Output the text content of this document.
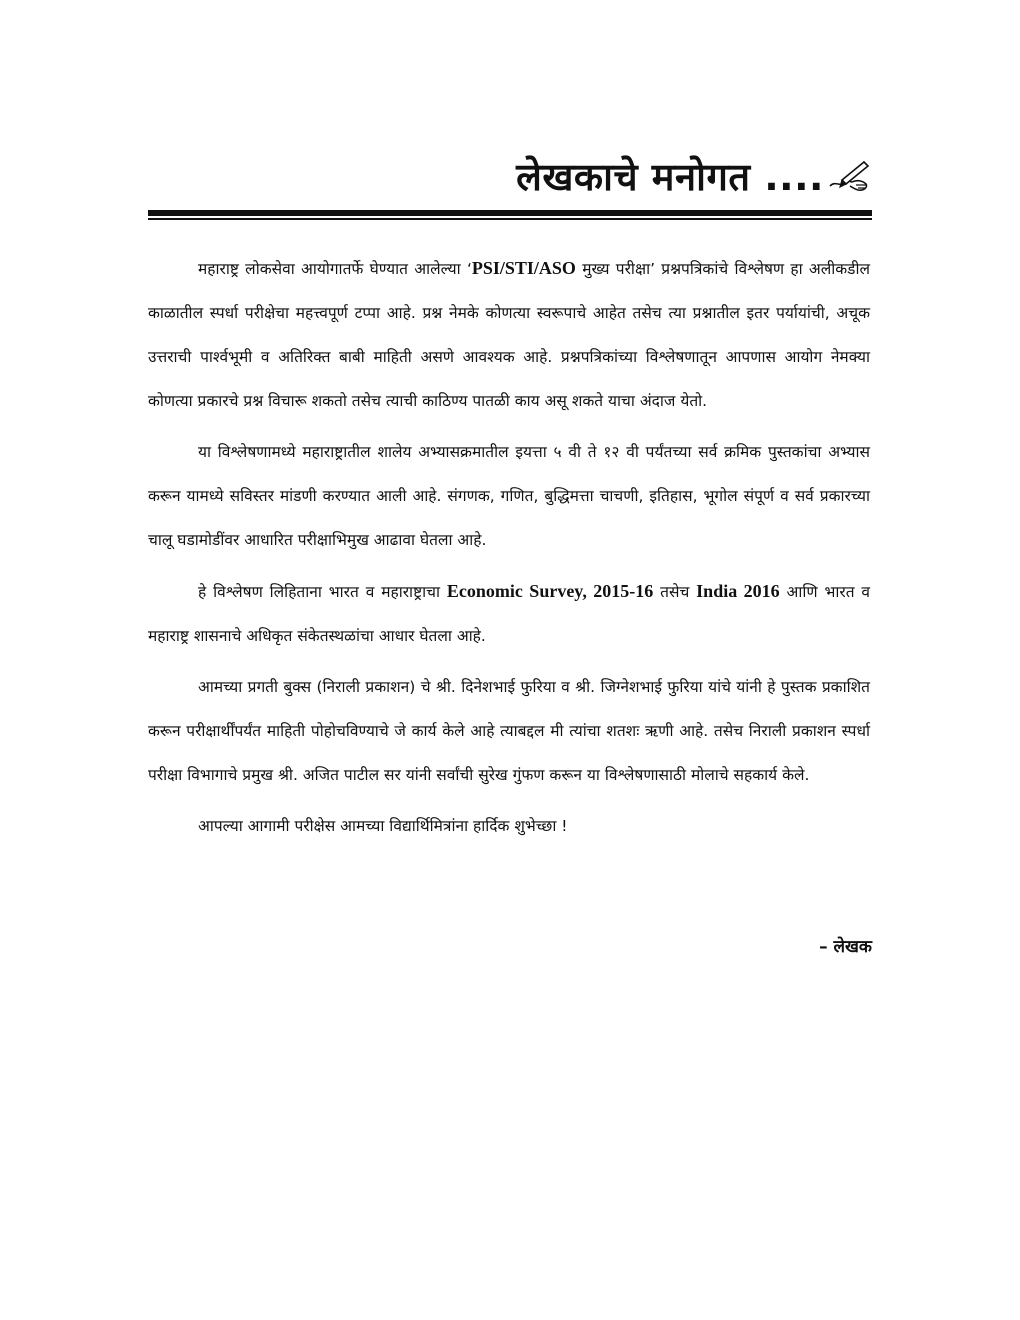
लेखकाचे मनोगत ....

महाराष्ट्र लोकसेवा आयोगातर्फे घेण्यात आलेल्या ‘PSI/STI/ASO मुख्य परीक्षा’ प्रश्नपत्रिकांचे विश्लेषण हा अलीकडील काळातील स्पर्धा परीक्षेचा महत्त्वपूर्ण टप्पा आहे. प्रश्न नेमके कोणत्या स्वरूपाचे आहेत तसेच त्या प्रश्नातील इतर पर्यायांची, अचूक उत्तराची पार्श्वभूमी व अतिरिक्त बाबी माहिती असणे आवश्यक आहे. प्रश्नपत्रिकांच्या विश्लेषणातून आपणास आयोग नेमक्या कोणत्या प्रकारचे प्रश्न विचारू शकतो तसेच त्याची काठिण्य पातळी काय असू शकते याचा अंदाज येतो.

या विश्लेषणामध्ये महाराष्ट्रातील शालेय अभ्यासक्रमातील इयत्ता ५ वी ते १२ वी पर्यंतच्या सर्व क्रमिक पुस्तकांचा अभ्यास करून यामध्ये सविस्तर मांडणी करण्यात आली आहे. संगणक, गणित, बुद्धिमत्ता चाचणी, इतिहास, भूगोल संपूर्ण व सर्व प्रकारच्या चालू घडामोडींवर आधारित परीक्षाभिमुख आढावा घेतला आहे.

हे विश्लेषण लिहिताना भारत व महाराष्ट्राचा Economic Survey, 2015-16 तसेच India 2016 आणि भारत व महाराष्ट्र शासनाचे अधिकृत संकेतस्थळांचा आधार घेतला आहे.

आमच्या प्रगती बुक्स (निराली प्रकाशन) चे श्री. दिनेशभाई फुरिया व श्री. जिग्नेशभाई फुरिया यांचे यांनी हे पुस्तक प्रकाशित करून परीक्षार्थींपर्यंत माहिती पोहोचविण्याचे जे कार्य केले आहे त्याबद्दल मी त्यांचा शतशः ऋणी आहे. तसेच निराली प्रकाशन स्पर्धा परीक्षा विभागाचे प्रमुख श्री. अजित पाटील सर यांनी सर्वांची सुरेख गुंफण करून या विश्लेषणासाठी मोलाचे सहकार्य केले.

आपल्या आगामी परीक्षेस आमच्या विद्यार्थिमित्रांना हार्दिक शुभेच्छा !

– लेखक
